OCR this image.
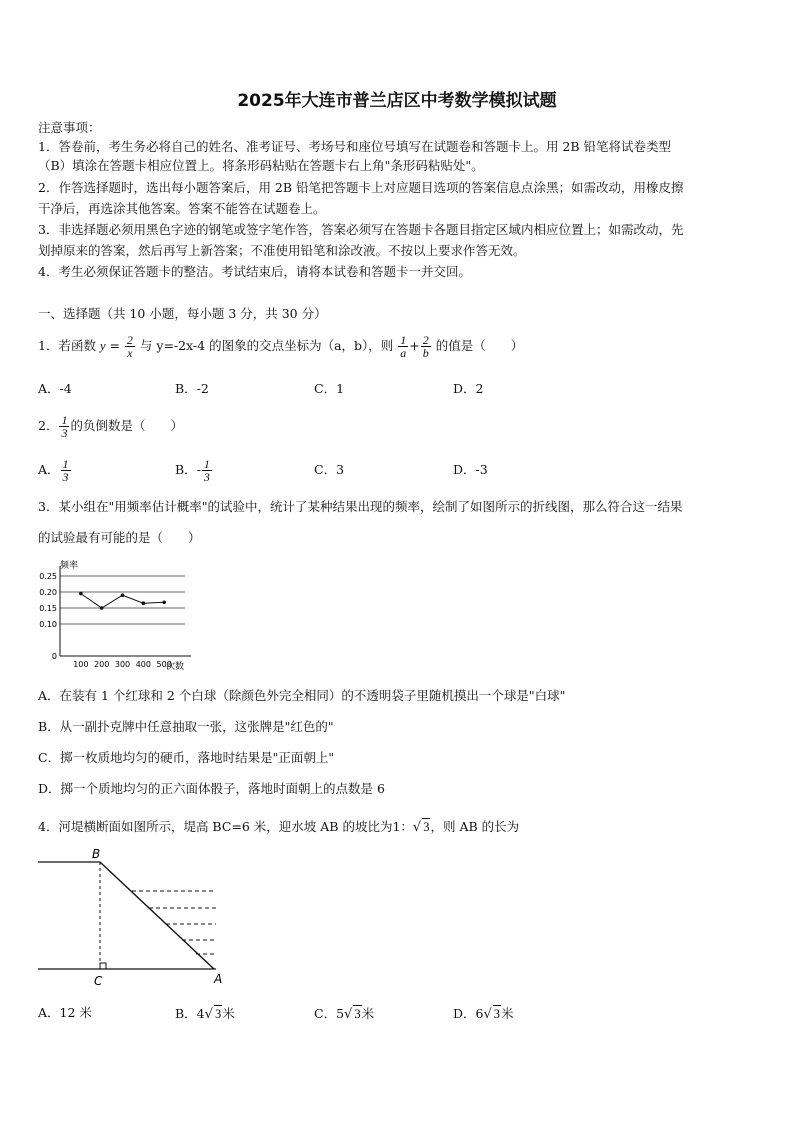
2025年大连市普兰店区中考数学模拟试题
注意事项：
1．答卷前，考生务必将自己的姓名、准考证号、考场号和座位号填写在试题卷和答题卡上。用 2B 铅笔将试卷类型
（B）填涂在答题卡相应位置上。将条形码粘贴在答题卡右上角"条形码粘贴处"。
2．作答选择题时，选出每小题答案后，用 2B 铅笔把答题卡上对应题目选项的答案信息点涂黑；如需改动，用橡皮擦
干净后，再选涂其他答案。答案不能答在试题卷上。
3．非选择题必须用黑色字迹的钢笔或签字笔作答，答案必须写在答题卡各题目指定区域内相应位置上；如需改动，先
划掉原来的答案，然后再写上新答案；不准使用铅笔和涂改液。不按以上要求作答无效。
4．考生必须保证答题卡的整洁。考试结束后，请将本试卷和答题卡一并交回。
一、选择题（共 10 小题，每小题 3 分，共 30 分）
1．若函数 $y = \frac{2}{x}$ 与 y=-2x-4 的图象的交点坐标为（a，b），则 $\frac{1}{a} + \frac{2}{b}$ 的值是（　　）
A．-4	B．-2	C．1	D．2
2． $\frac{1}{3}$ 的负倒数是（　　）
A． $\frac{1}{3}$	B．- $\frac{1}{3}$	C．3	D．-3
3．某小组在"用频率估计概率"的试验中，统计了某种结果出现的频率，绘制了如图所示的折线图，那么符合这一结果
的试验最有可能的是（　　）
0
0.10
0.15
0.20
0.25
100 200 300 400 500
频率
次数
A．在装有 1 个红球和 2 个白球（除颜色外完全相同）的不透明袋子里随机摸出一个球是"白球"
B．从一副扑克牌中任意抽取一张，这张牌是"红色的"
C．掷一枚质地均匀的硬币，落地时结果是"正面朝上"
D．掷一个质地均匀的正六面体骰子，落地时面朝上的点数是 6
4．河堤横断面如图所示，堤高 BC=6 米，迎水坡 AB 的坡比为1：√ 3，则 AB 的长为
B
C	A
A．12 米	B．4√ 3米	C．5√ 3米	D．6√ 3米
